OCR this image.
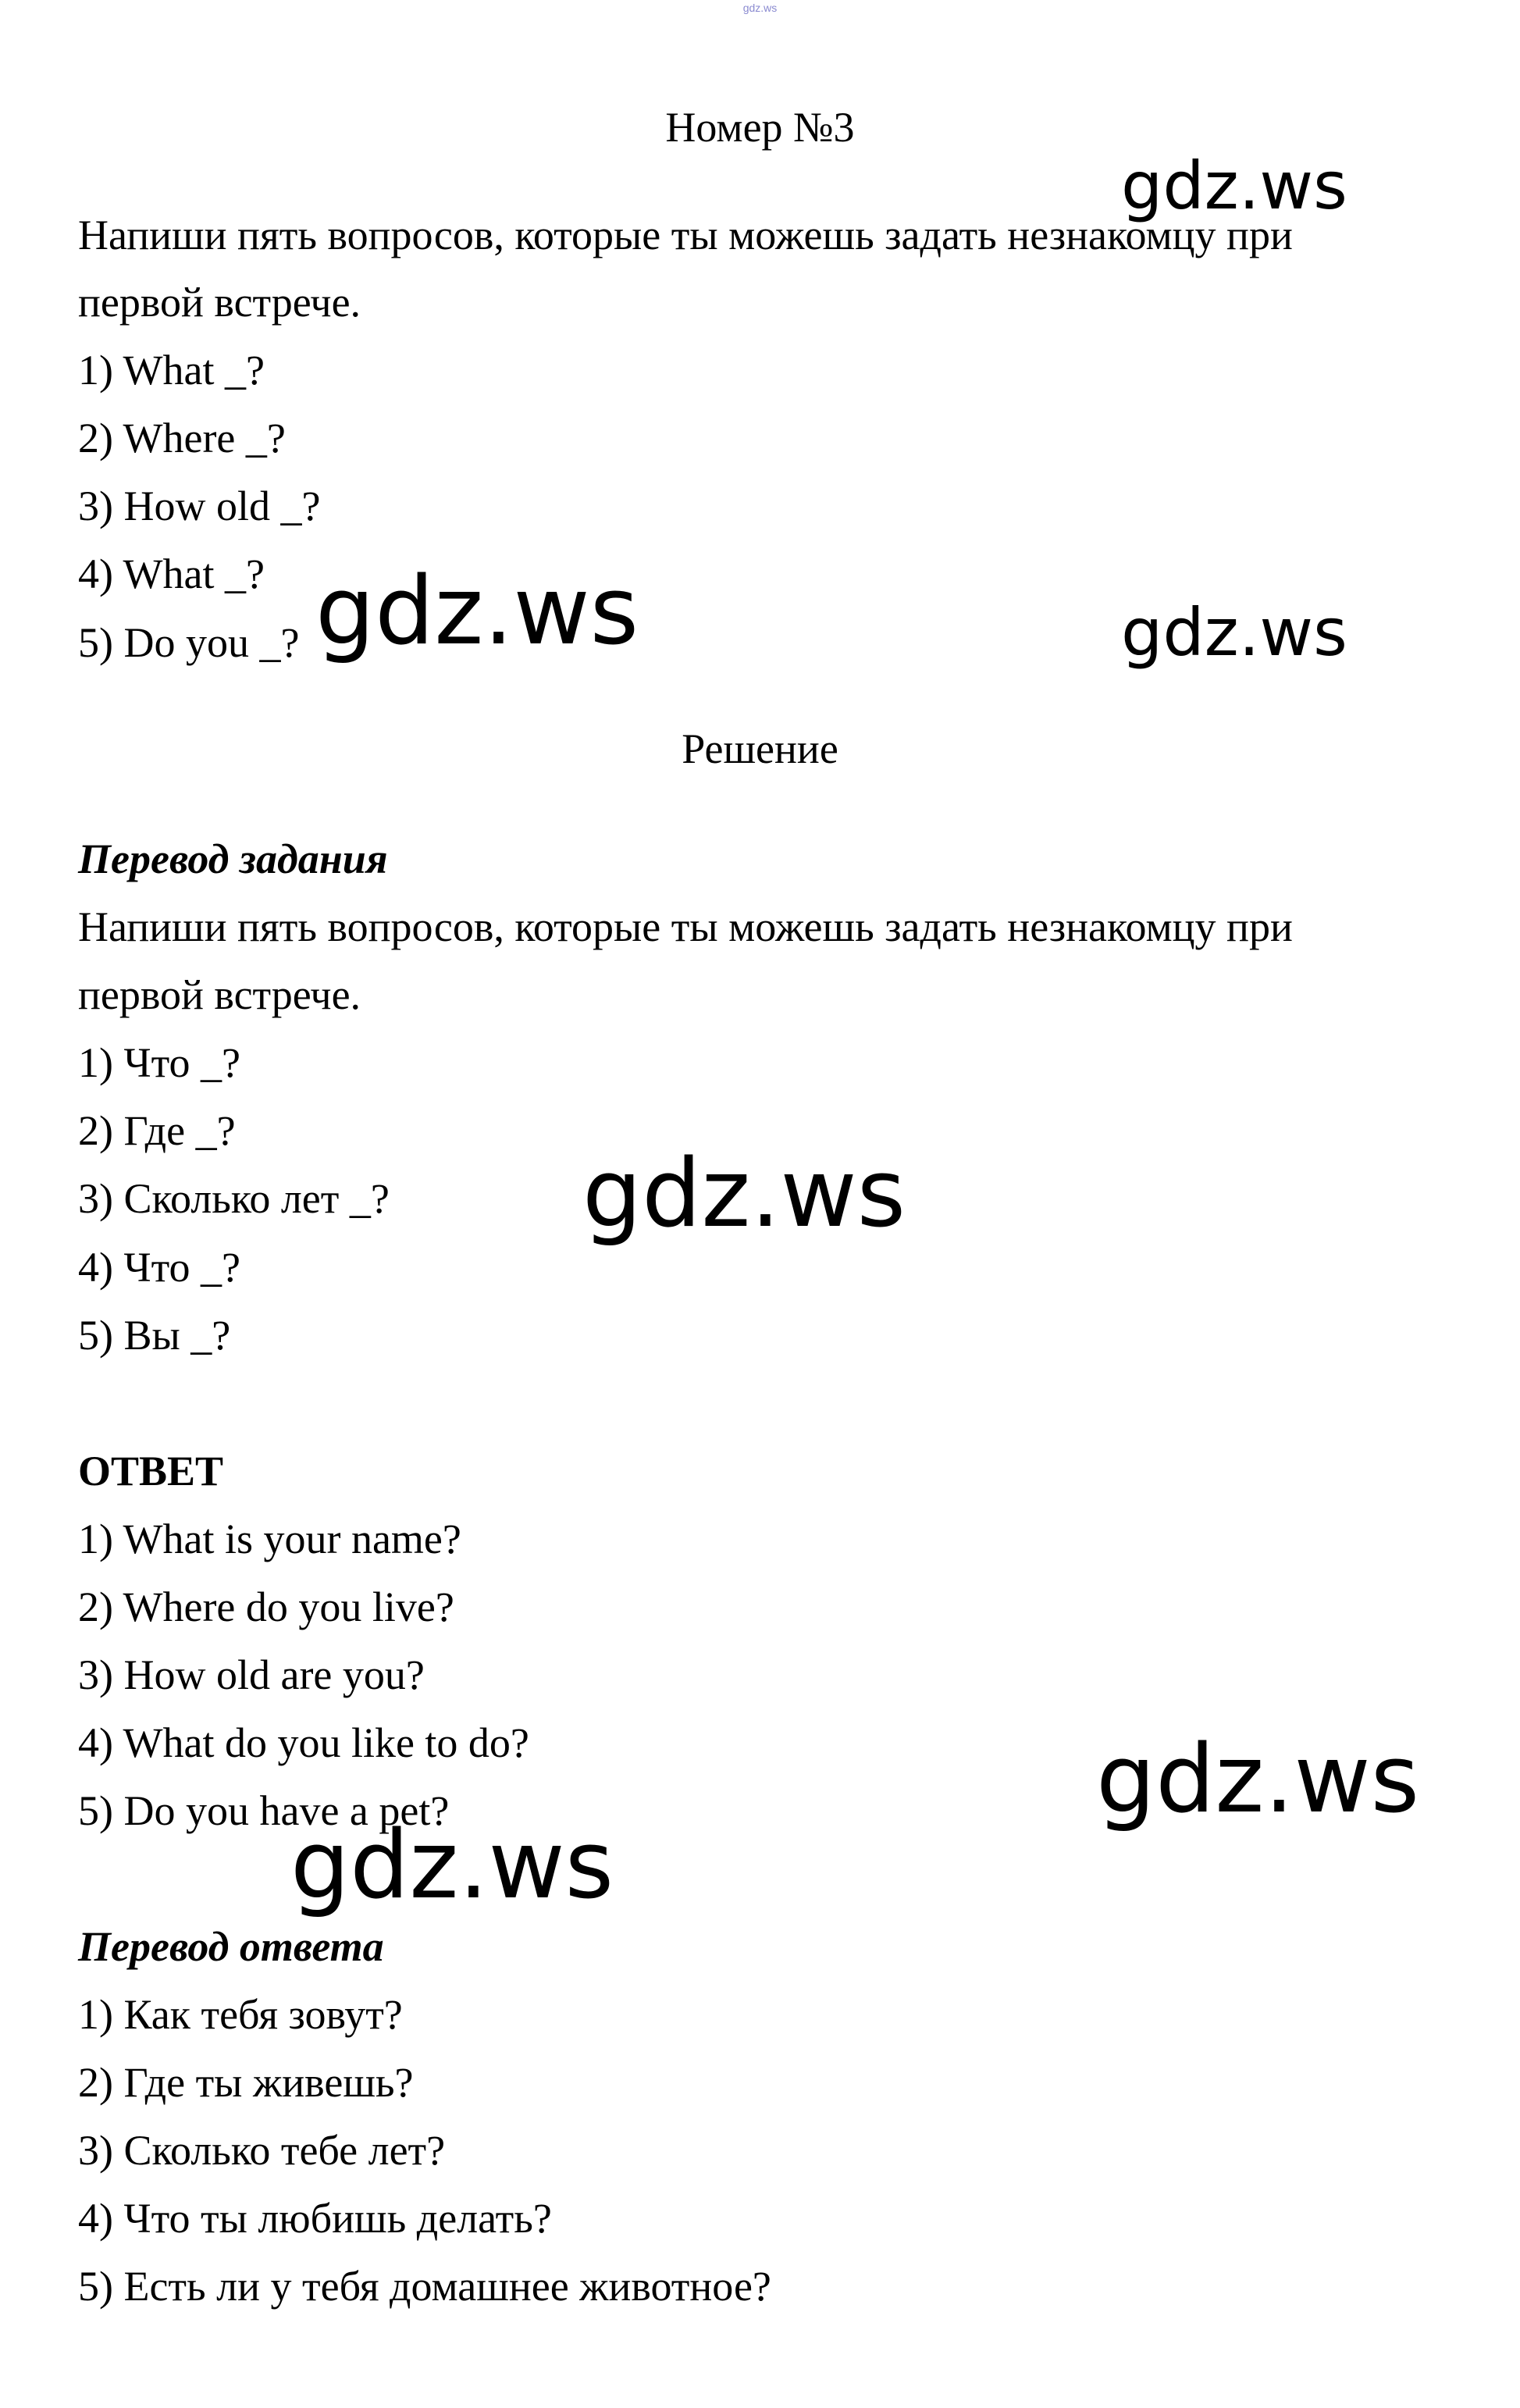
gdz.ws
Номер №3
Напиши пять вопросов, которые ты можешь задать незнакомцу при
первой встрече.
1) What _?
2) Where _?
3) How old _?
4) What _?
5) Do you _?
Решение
Перевод задания
Напиши пять вопросов, которые ты можешь задать незнакомцу при
первой встрече.
1) Что _?
2) Где _?
3) Сколько лет _?
4) Что _?
5) Вы _?
ОТВЕТ
1) What is your name?
2) Where do you live?
3) How old are you?
4) What do you like to do?
5) Do you have a pet?
Перевод ответа
1) Как тебя зовут?
2) Где ты живешь?
3) Сколько тебе лет?
4) Что ты любишь делать?
5) Есть ли у тебя домашнее животное?
gdz.ws
gdz.ws	gdz.ws
gdz.ws
gdz.ws
gdz.ws
